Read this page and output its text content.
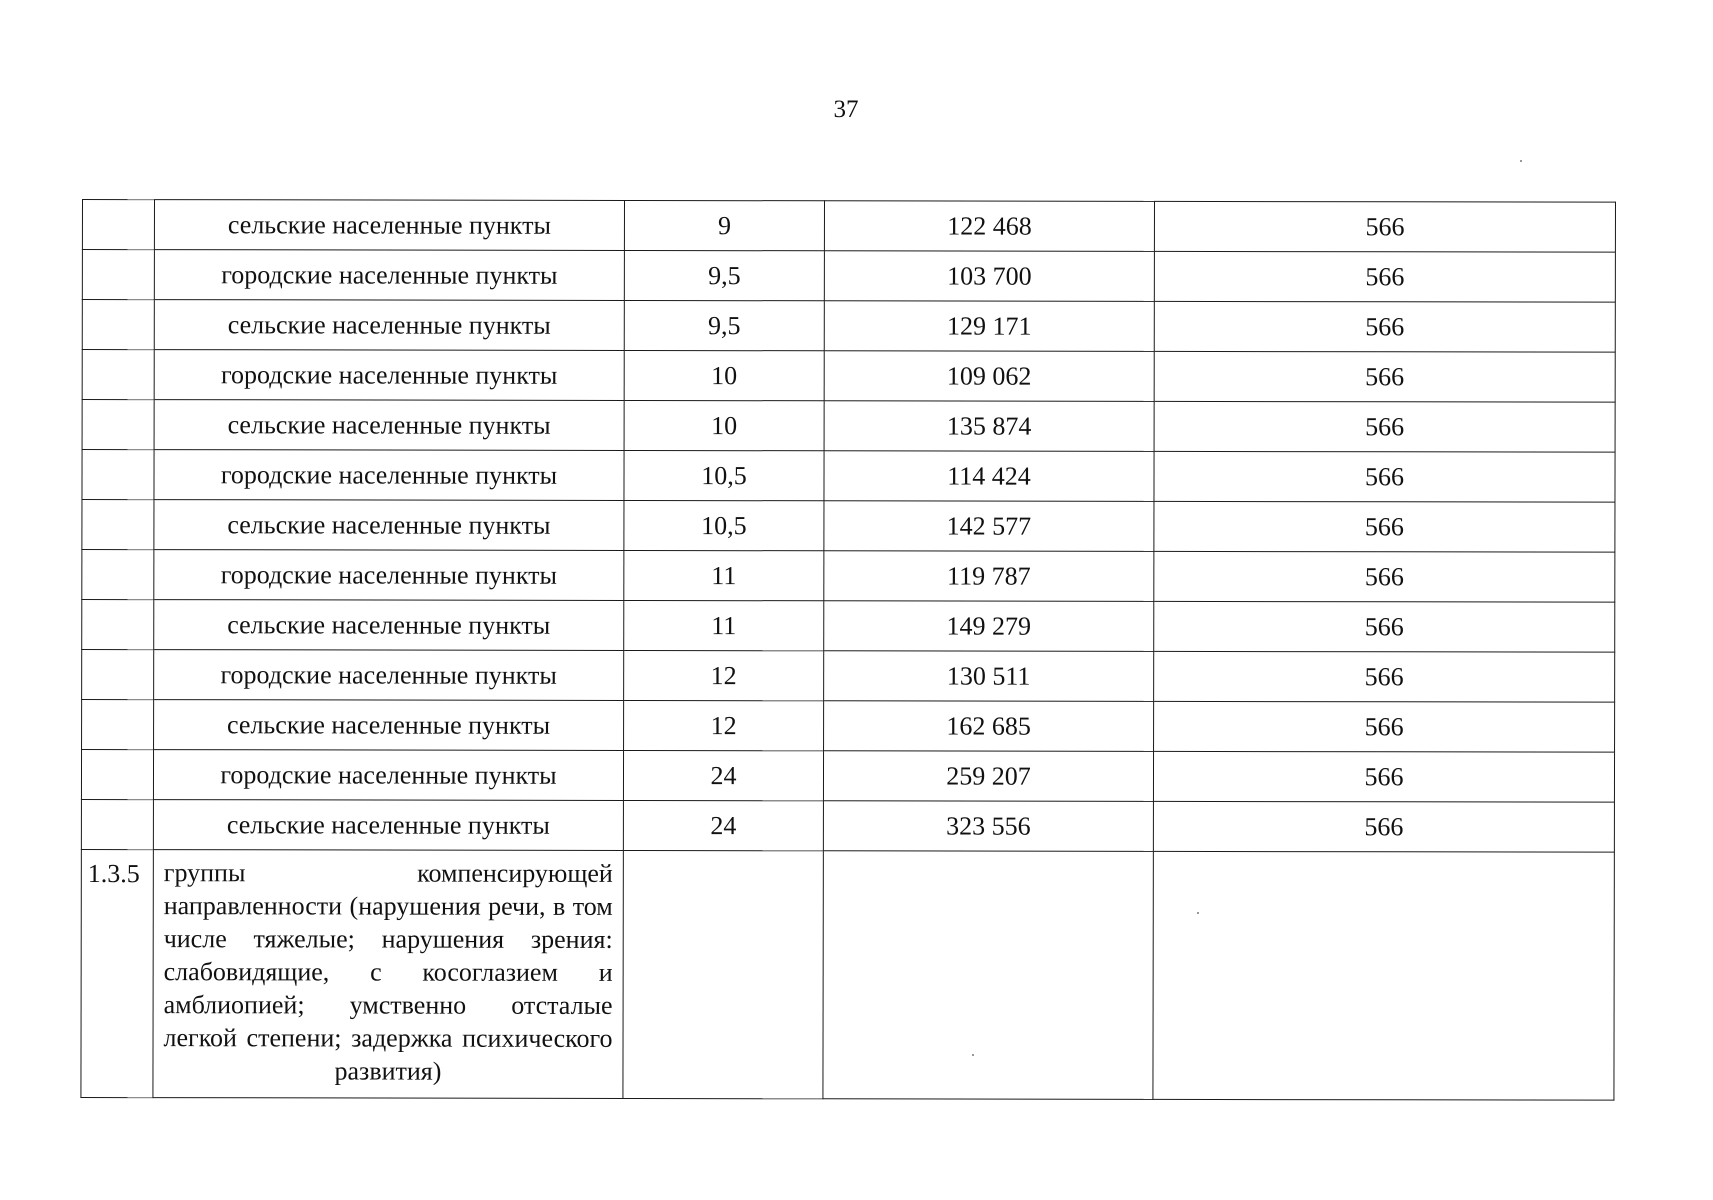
37
	сельские населенные пункты	9	122 468	566
	городские населенные пункты	9,5	103 700	566
	сельские населенные пункты	9,5	129 171	566
	городские населенные пункты	10	109 062	566
	сельские населенные пункты	10	135 874	566
	городские населенные пункты	10,5	114 424	566
	сельские населенные пункты	10,5	142 577	566
	городские населенные пункты	11	119 787	566
	сельские населенные пункты	11	149 279	566
	городские населенные пункты	12	130 511	566
	сельские населенные пункты	12	162 685	566
	городские населенные пункты	24	259 207	566
	сельские населенные пункты	24	323 556	566
1.3.5	группы компенсирующей направленности (нарушения речи, в том числе тяжелые; нарушения зрения: слабовидящие, с косоглазием и амблиопией; умственно отсталые легкой степени; задержка психического развития)			
